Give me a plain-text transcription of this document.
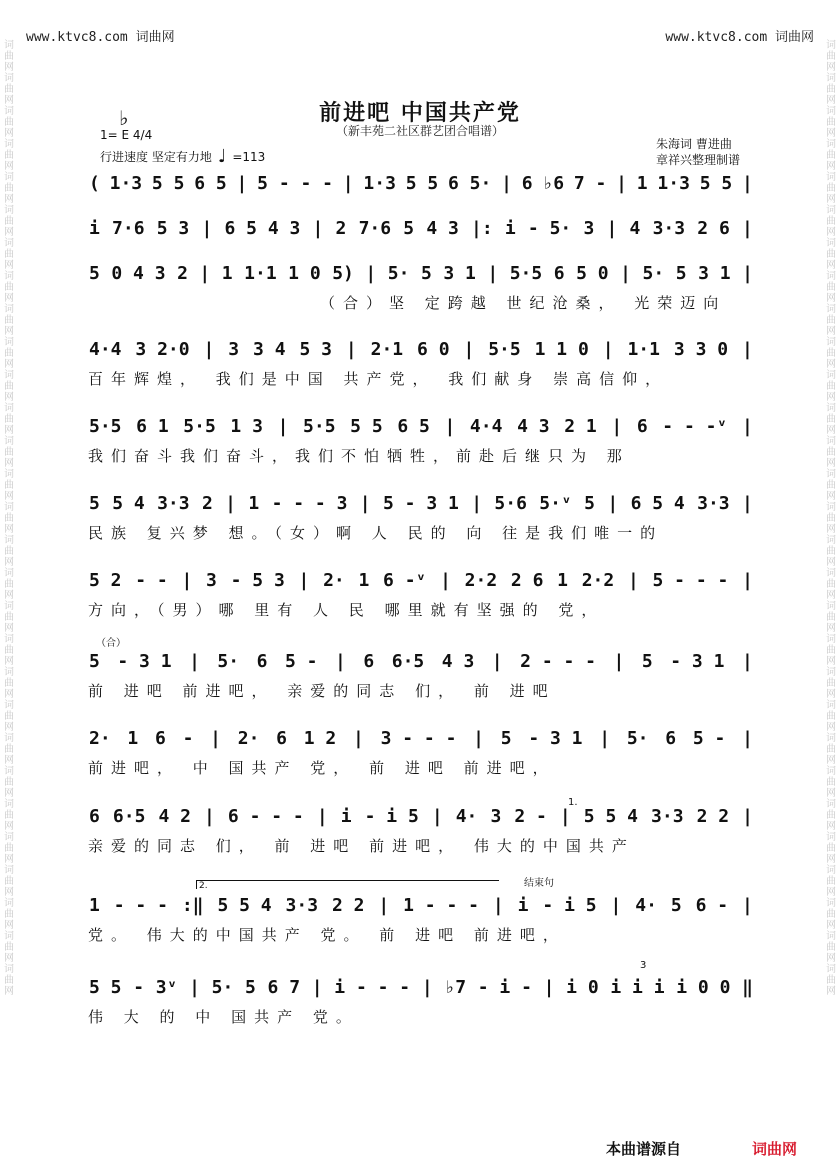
词曲网词曲网词曲网词曲网词曲网词曲网词曲网词曲网词曲网词曲网词曲网词曲网词曲网词曲网词曲网词曲网词曲网词曲网词曲网词曲网词曲网词曲网词曲网词曲网词曲网词曲网词曲网词曲网词曲网
词曲网词曲网词曲网词曲网词曲网词曲网词曲网词曲网词曲网词曲网词曲网词曲网词曲网词曲网词曲网词曲网词曲网词曲网词曲网词曲网词曲网词曲网词曲网词曲网词曲网词曲网词曲网词曲网词曲网
www.ktvc8.com 词曲网	www.ktvc8.com 词曲网
前进吧 中国共产党
（新丰苑二社区群艺团合唱谱）
♭
1= E 4/4
行进速度 坚定有力地 ♩ =113
朱海词 曹进曲
章祥兴整理制谱
( 1·3 5 5 6 5 | 5 - - - | 1·3 5 5 6 5· | 6 ♭6 7 - | 1 1·3 5 5 |
i 7·6 5 3 | 6 5 4 3 | 2 7·6 5 4 3 |: i - 5· 3 | 4 3·3 2 6 |
5 0 4 3 2 | 1 1·1 1 0 5) | 5· 5 3 1 | 5·5 6 5 0 | 5· 5 3 1 |
（合）坚 定跨越 世纪沧桑， 光荣迈向
4·4 3 2·0 | 3 3 4 5 3 | 2·1 6 0 | 5·5 1 1 0 | 1·1 3 3 0 |
百年辉煌， 我们是中国 共产党， 我们献身 崇高信仰，
5·5 6 1 5·5 1 3 | 5·5 5 5 6 5 | 4·4 4 3 2 1 | 6 - - -ᵛ |
我们奋斗我们奋斗，我们不怕牺牲，前赴后继只为 那
5 5 4 3·3 2 | 1 - - - 3 | 5 - 3 1 | 5·6 5·ᵛ 5 | 6 5 4 3·3 |
民族 复兴梦 想。（女）啊 人 民的 向 往是我们唯一的
5 2 - - | 3 - 5 3 | 2· 1 6 -ᵛ | 2·2 2 6 1 2·2 | 5 - - - |
方向，（男）哪 里有 人 民 哪里就有坚强的 党，
5 - 3 1 | 5· 6 5 - | 6 6·5 4 3 | 2 - - - | 5 - 3 1 |
前 进吧 前进吧， 亲爱的同志 们， 前 进吧
2· 1 6 - | 2· 6 1 2 | 3 - - - | 5 - 3 1 | 5· 6 5 - |
前进吧， 中 国共产 党， 前 进吧 前进吧，
6 6·5 4 2 | 6 - - - | i - i 5 | 4· 3 2 - | 5 5 4 3·3 2 2 |
亲爱的同志 们， 前 进吧 前进吧， 伟大的中国共产
1 - - - :‖ 5 5 4 3·3 2 2 | 1 - - - | i - i 5 | 4· 5 6 - |
党。 伟大的中国共产 党。 前 进吧 前进吧，
5 5 - 3ᵛ | 5· 5 6 7 | i - - - | ♭7 - i - | i 0 i i i i 0 0 ‖
伟 大 的 中 国共产 党。
1.
2.	结束句
（合）
3
本曲谱源自	词曲网
